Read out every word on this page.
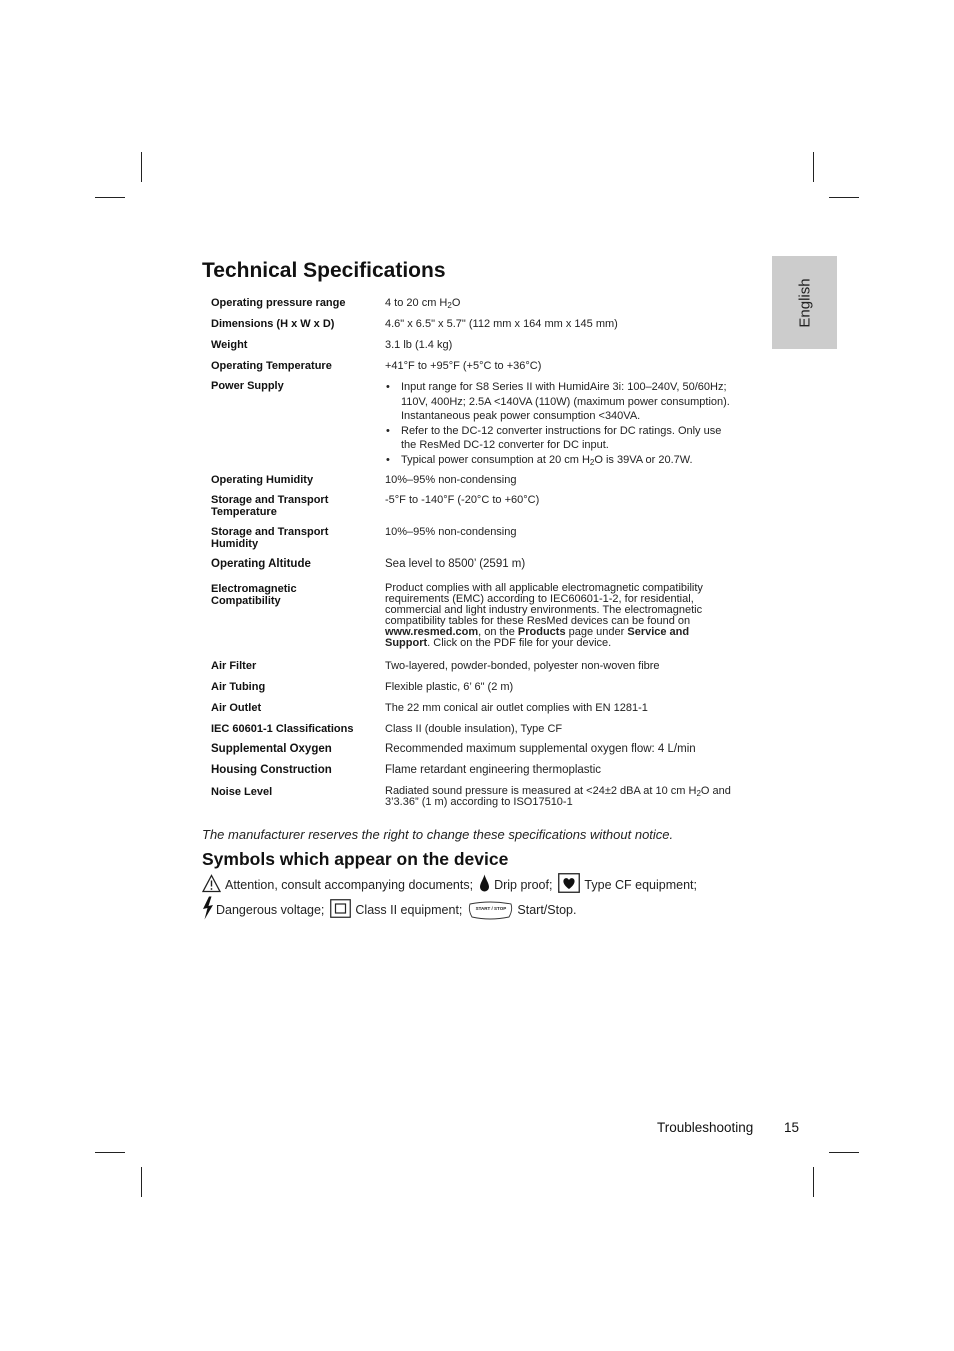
English
Technical Specifications
Operating pressure range	4 to 20 cm $H_2O$
Dimensions (H x W x D)	4.6" x 6.5" x 5.7" (112 mm x 164 mm x 145 mm)
Weight	3.1 lb (1.4 kg)
Operating Temperature	+41°F to +95°F (+5°C to +36°C)
Power Supply
•	Input range for S8 Series II with HumidAire 3i: 100–240V, 50/60Hz; 110V, 400Hz; 2.5A <140VA (110W) (maximum power consumption). Instantaneous peak power consumption <340VA.
• Refer to the DC-12 converter instructions for DC ratings. Only use the ResMed DC-12 converter for DC input.
• Typical power consumption at 20 cm $H_2O$ is 39VA or 20.7W.
Operating Humidity	10%–95% non-condensing
Storage and Transport Temperature
-5°F to -140°F (-20°C to +60°C)
Storage and Transport Humidity
10%–95% non-condensing
Operating Altitude	Sea level to 8500’ (2591 m)
Electromagnetic Compatibility
Product complies with all applicable electromagnetic compatibility requirements (EMC) according to IEC60601-1-2, for residential, commercial and light industry environments. The electromagnetic compatibility tables for these ResMed devices can be found on www.resmed.com, on the Products page under Service and Support. Click on the PDF file for your device.
Air Filter	Two-layered, powder-bonded, polyester non-woven fibre
Air Tubing	Flexible plastic, 6’ 6" (2 m)
Air Outlet	The 22 mm conical air outlet complies with EN 1281-1
IEC 60601-1 Classifications	Class II (double insulation), Type CF
Supplemental Oxygen	Recommended maximum supplemental oxygen flow: 4 L/min
Housing Construction	Flame retardant engineering thermoplastic
Noise Level	Radiated sound pressure is measured at <24±2 dBA at 10 cm $H_2O$ and 3’3.36” (1 m) according to ISO17510-1
The manufacturer reserves the right to change these specifications without notice.
Symbols which appear on the device
Attention, consult accompanying documents; Drip proof;	Type CF equipment;
Dangerous voltage; Class II equipment;	START / STOP Start/Stop.
Troubleshooting 15
